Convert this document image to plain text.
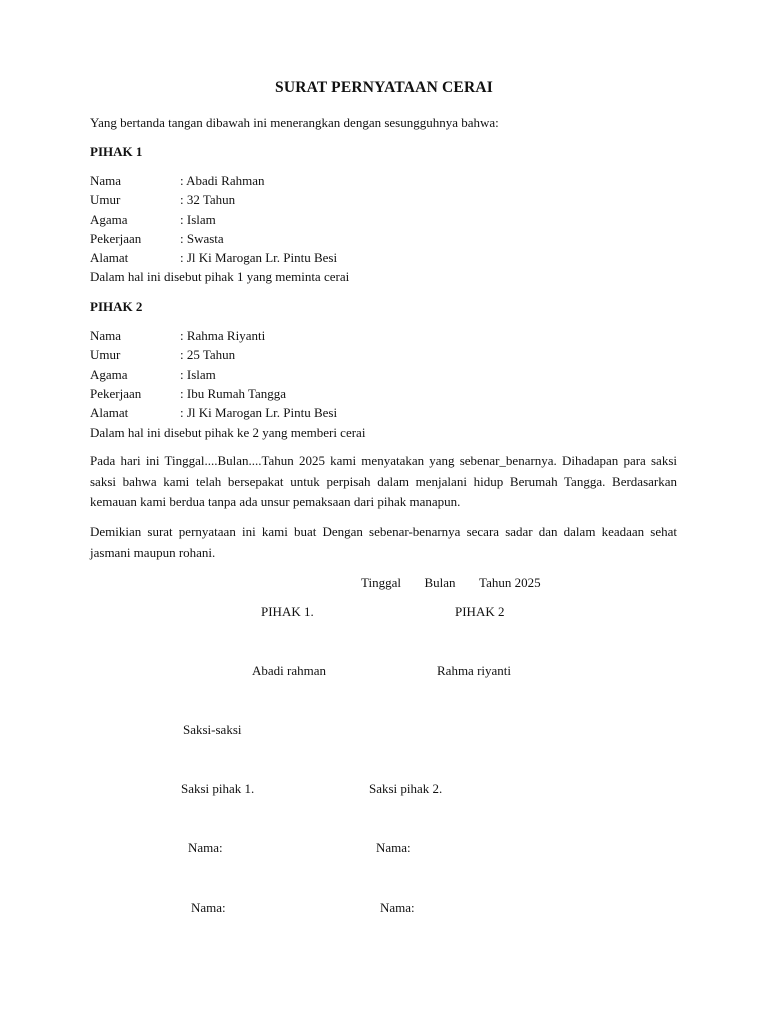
SURAT PERNYATAAN CERAI
Yang bertanda tangan dibawah ini menerangkan dengan sesungguhnya bahwa:
PIHAK 1
Nama	: Abadi Rahman
Umur	: 32 Tahun
Agama	: Islam
Pekerjaan	: Swasta
Alamat	: Jl Ki Marogan Lr. Pintu Besi
Dalam hal ini disebut pihak 1 yang meminta cerai
PIHAK 2
Nama	: Rahma Riyanti
Umur	: 25 Tahun
Agama	: Islam
Pekerjaan	: Ibu Rumah Tangga
Alamat	: Jl Ki Marogan Lr. Pintu Besi
Dalam hal ini disebut pihak ke 2 yang memberi cerai
Pada hari ini Tinggal....Bulan....Tahun 2025 kami menyatakan yang sebenar_benarnya. Dihadapan para saksi saksi bahwa kami telah bersepakat untuk perpisah dalam menjalani hidup Berumah Tangga. Berdasarkan kemauan kami berdua tanpa ada unsur pemaksaan dari pihak manapun.
Demikian surat pernyataan ini kami buat Dengan sebenar-benarnya secara sadar dan dalam keadaan sehat jasmani maupun rohani.
Tinggal Bulan Tahun 2025
PIHAK 1.	PIHAK 2
Abadi rahman	Rahma riyanti
Saksi-saksi
Saksi pihak 1.	Saksi pihak 2.
Nama:	Nama:
Nama:	Nama:
